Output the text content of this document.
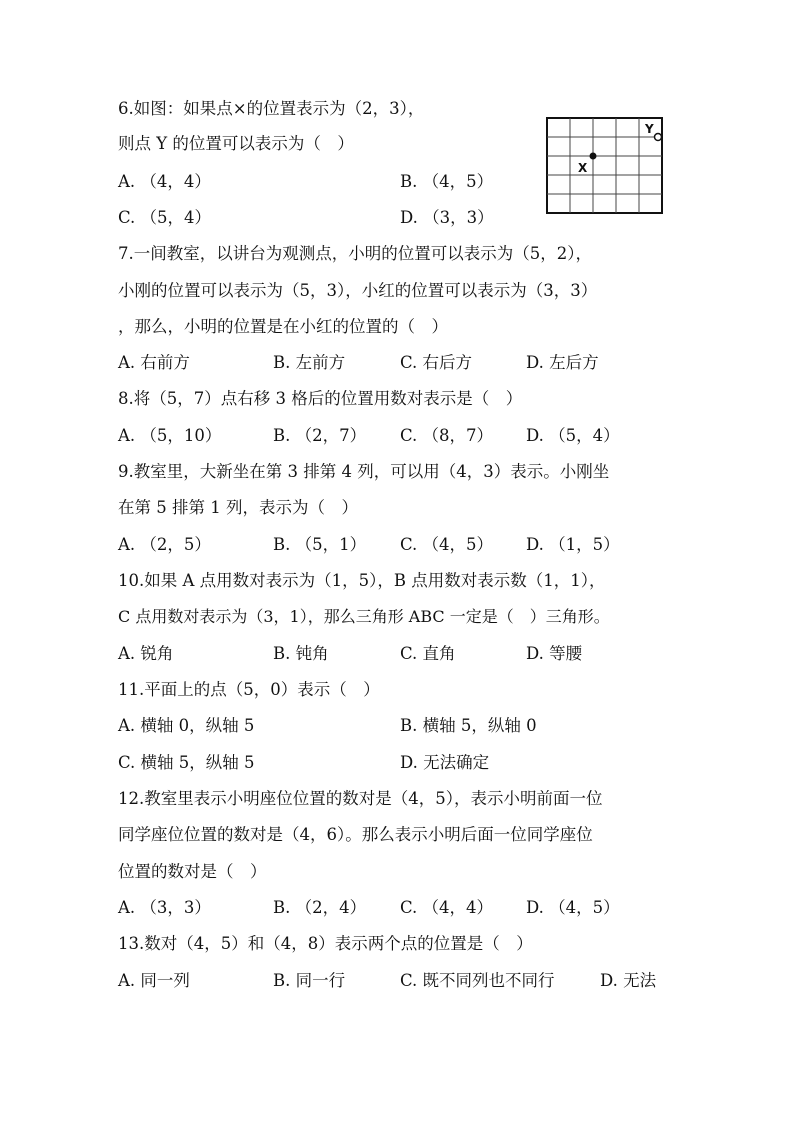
6.如图：如果点×的位置表示为（2，3），
则点 Y 的位置可以表示为（　）
A. （4，4）	B. （4，5）
C. （5，4）	D. （3，3）
X
Y
7.一间教室，以讲台为观测点，小明的位置可以表示为（5，2），
小刚的位置可以表示为（5，3），小红的位置可以表示为（3，3）
，那么，小明的位置是在小红的位置的（　）
A. 右前方	B. 左前方	C. 右后方	D. 左后方
8.将（5，7）点右移 3 格后的位置用数对表示是（　）
A. （5，10）	B. （2，7） C. （8，7） D. （5，4）
9.教室里，大新坐在第 3 排第 4 列，可以用（4，3）表示。小刚坐
在第 5 排第 1 列，表示为（　）
A. （2，5）	B. （5，1） C. （4，5） D. （1，5）
10.如果 A 点用数对表示为（1，5），B 点用数对表示数（1，1），
C 点用数对表示为（3，1），那么三角形 ABC 一定是（　）三角形。
A. 锐角	B. 钝角	C. 直角	D. 等腰
11.平面上的点（5，0）表示（　）
A. 横轴 0，纵轴 5	B. 横轴 5，纵轴 0
C. 横轴 5，纵轴 5	D. 无法确定
12.教室里表示小明座位位置的数对是（4，5），表示小明前面一位
同学座位位置的数对是（4，6）。那么表示小明后面一位同学座位
位置的数对是（　）
A. （3，3）	B. （2，4） C. （4，4） D. （4，5）
13.数对（4，5）和（4，8）表示两个点的位置是（　）
A. 同一列	B. 同一行	C. 既不同列也不同行	D. 无法
